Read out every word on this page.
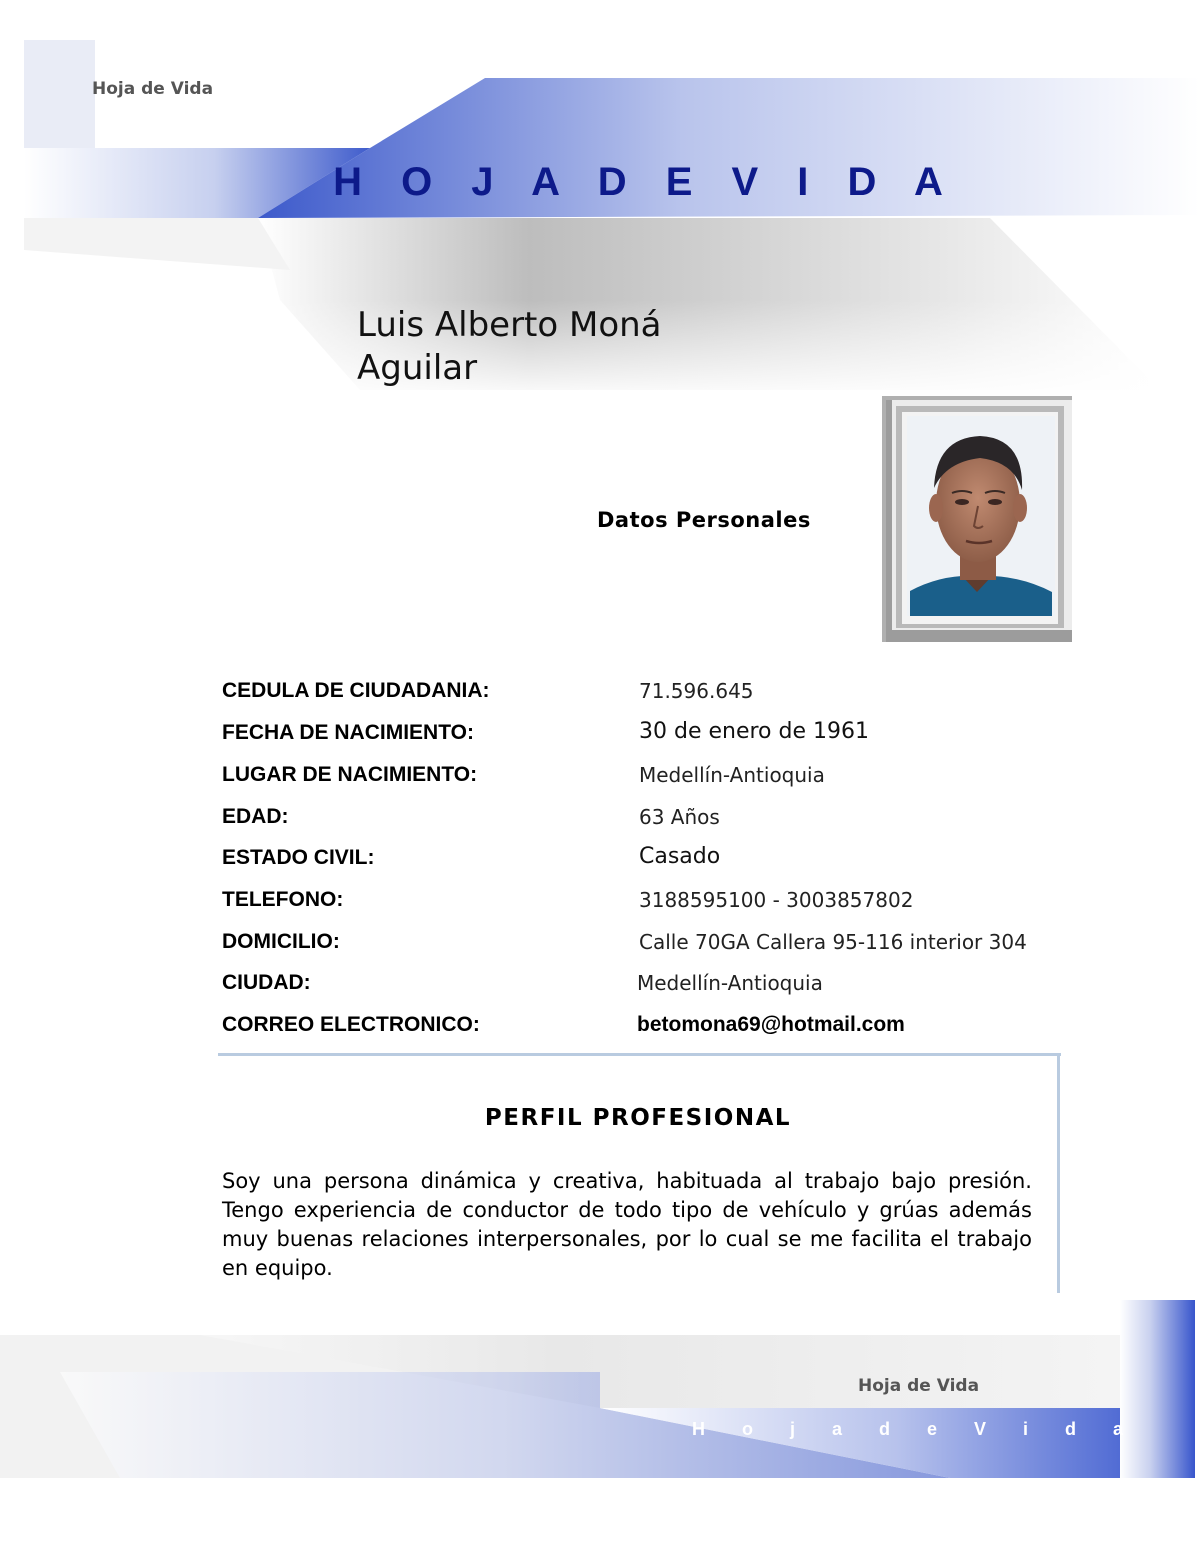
Hoja de Vida
H O J A D E V I D A
Luis Alberto Moná
Aguilar
Datos Personales
CEDULA DE CIUDADANIA:	71.596.645
FECHA DE NACIMIENTO:	30 de enero de 1961
LUGAR DE NACIMIENTO:	Medellín-Antioquia
EDAD:	63 Años
ESTADO CIVIL:	Casado
TELEFONO:	3188595100 - 3003857802
DOMICILIO:	Calle 70GA Callera 95-116 interior 304
CIUDAD:	Medellín-Antioquia
CORREO ELECTRONICO:	betomona69@hotmail.com
PERFIL PROFESIONAL
Soy una persona dinámica y creativa, habituada al trabajo bajo presión. Tengo experiencia de conductor de todo tipo de vehículo y grúas además muy buenas relaciones interpersonales, por lo cual se me facilita el trabajo en equipo.
Hoja de Vida
H o j a d e V i d a
